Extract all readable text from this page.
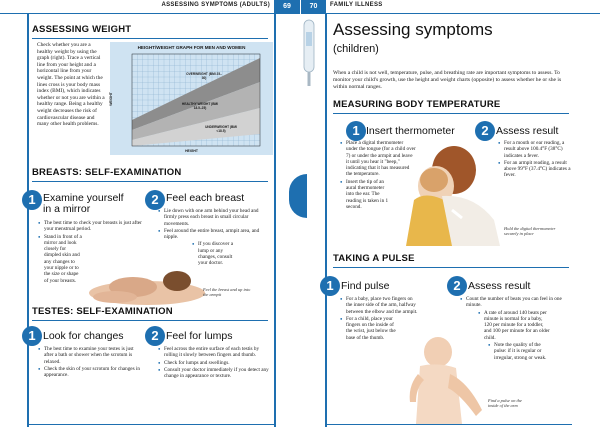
ASSESSING SYMPTOMS (ADULTS)	69	70	FAMILY ILLNESS
ASSESSING WEIGHT
Check whether you are a healthy weight by using the graph (right). Trace a vertical line from your height and a horizontal line from your weight. The point at which the lines cross is your body mass index (BMI), which indicates whether or not you are within a healthy range. Being a healthy weight decreases the risk of cardiovascular disease and many other health problems.
HEIGHT/WEIGHT GRAPH FOR MEN AND WOMEN
OVERWEIGHT (BMI 25–30)
HEALTHY WEIGHT (BMI 18.5–25)
UNDERWEIGHT (BMI <18.5)
HEIGHT
WEIGHT
BREASTS: SELF-EXAMINATION
1 Examine yourself
in a mirror
● The best time to check your breasts is just after your menstrual period.
● Stand in front of a mirror and look closely for dimpled skin and any changes to your nipple or to the size or shape of your breasts.
2 Feel each breast
● Lie down with one arm behind your head and firmly press each breast in small circular movements.
● Feel around the entire breast, armpit area, and nipple.
● If you discover a lump or any changes, consult your doctor.
Feel the breast and up into the armpit
TESTES: SELF-EXAMINATION
1 Look for changes
● The best time to examine your testes is just after a bath or shower when the scrotum is relaxed.
● Check the skin of your scrotum for changes in appearance.
2 Feel for lumps
● Feel across the entire surface of each testis by rolling it slowly between fingers and thumb.
● Check for lumps and swellings.
● Consult your doctor immediately if you detect any change in appearance or texture.
Assessing symptoms
(children)
When a child is not well, temperature, pulse, and breathing rate are important symptoms to assess. To monitor your child's growth, use the height and weight charts (opposite) to assess whether he or she is within normal ranges.
MEASURING BODY TEMPERATURE
1 Insert thermometer
● Place a digital thermometer under the tongue (for a child over 7) or under the armpit and leave it until you hear it "beep," indicating that it has measured the temperature.
● Insert the tip of an aural thermometer into the ear. The reading is taken in 1 second.
2 Assess result
● For a mouth or ear reading, a result above 100.4°F (38°C) indicates a fever.
● For an armpit reading, a result above 99°F (37.4°C) indicates a fever.
Hold the digital thermometer securely in place
TAKING A PULSE
1 Find pulse
● For a baby, place two fingers on the inner side of the arm, halfway between the elbow and the armpit.
● For a child, place your fingers on the inside of the wrist, just below the base of the thumb.
2 Assess result
● Count the number of beats you can feel in one minute.
● A rate of around 140 beats per minute is normal for a baby, 120 per minute for a toddler, and 100 per minute for an older child.
● Note the quality of the pulse: if it is regular or irregular, strong or weak.
Find a pulse on the inside of the arm
